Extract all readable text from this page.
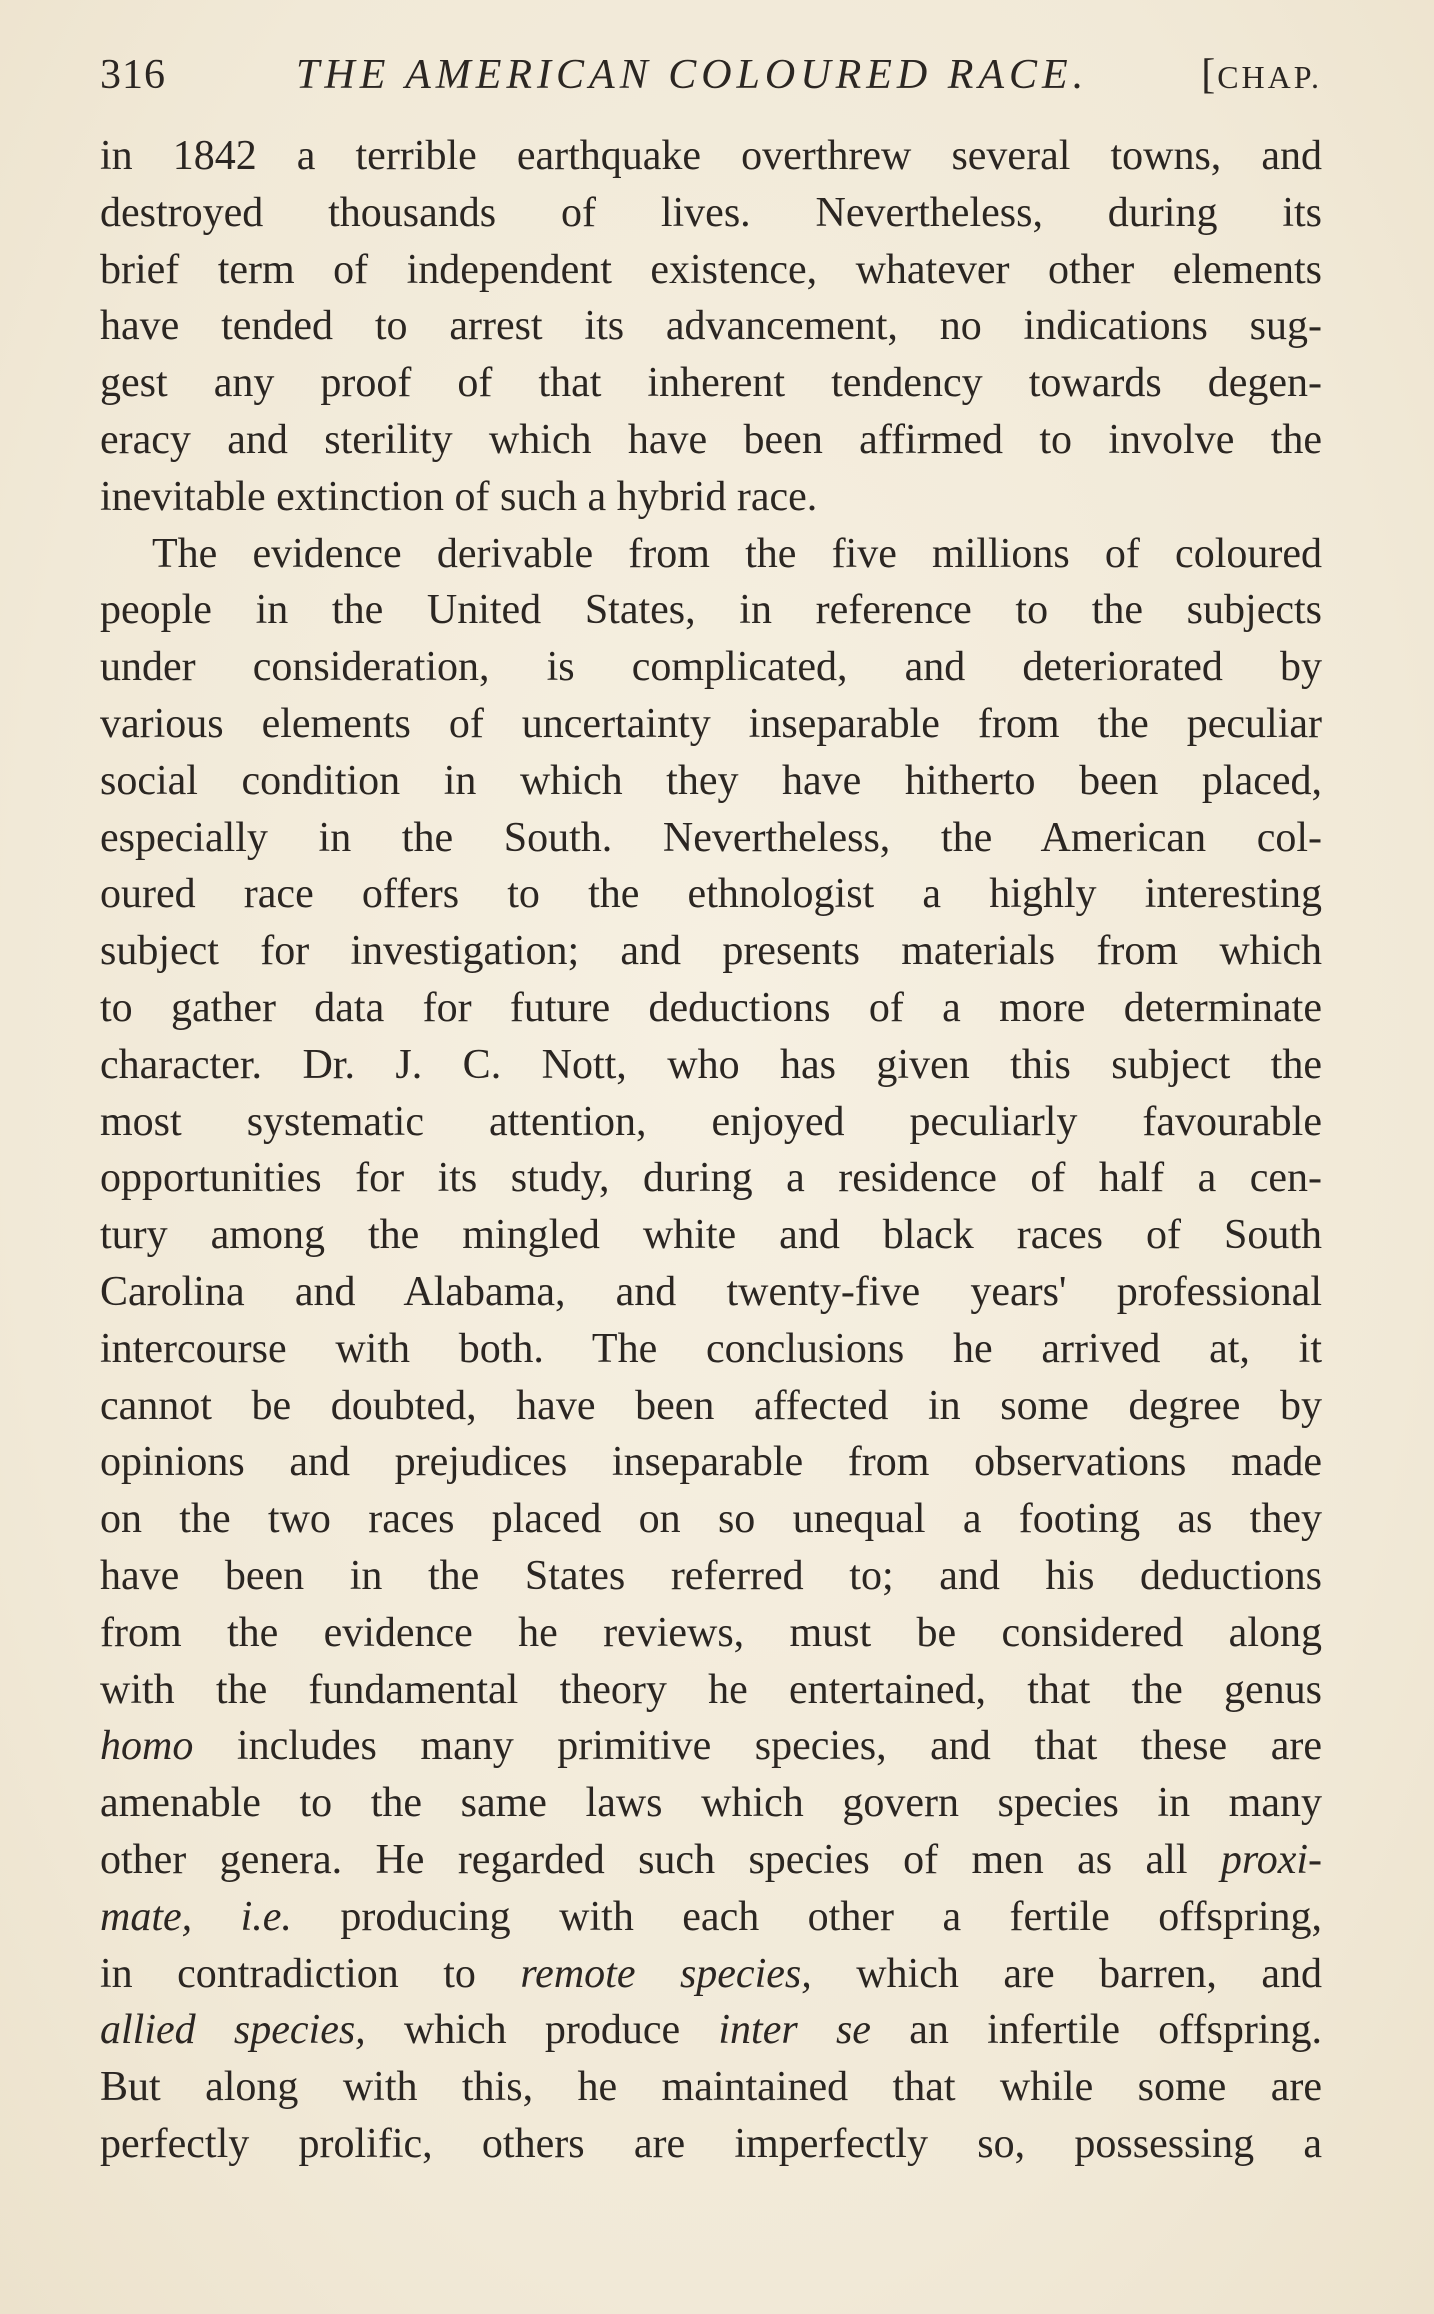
316	THE AMERICAN COLOURED RACE.	[CHAP.
in 1842 a terrible earthquake overthrew several towns, and
destroyed thousands of lives. Nevertheless, during its
brief term of independent existence, whatever other elements
have tended to arrest its advancement, no indications sug-
gest any proof of that inherent tendency towards degen-
eracy and sterility which have been affirmed to involve the
inevitable extinction of such a hybrid race.
The evidence derivable from the five millions of coloured
people in the United States, in reference to the subjects
under consideration, is complicated, and deteriorated by
various elements of uncertainty inseparable from the peculiar
social condition in which they have hitherto been placed,
especially in the South. Nevertheless, the American col-
oured race offers to the ethnologist a highly interesting
subject for investigation; and presents materials from which
to gather data for future deductions of a more determinate
character. Dr. J. C. Nott, who has given this subject the
most systematic attention, enjoyed peculiarly favourable
opportunities for its study, during a residence of half a cen-
tury among the mingled white and black races of South
Carolina and Alabama, and twenty-five years' professional
intercourse with both. The conclusions he arrived at, it
cannot be doubted, have been affected in some degree by
opinions and prejudices inseparable from observations made
on the two races placed on so unequal a footing as they
have been in the States referred to; and his deductions
from the evidence he reviews, must be considered along
with the fundamental theory he entertained, that the genus
homo includes many primitive species, and that these are
amenable to the same laws which govern species in many
other genera. He regarded such species of men as all proxi-
mate, i.e. producing with each other a fertile offspring,
in contradiction to remote species, which are barren, and
allied species, which produce inter se an infertile offspring.
But along with this, he maintained that while some are
perfectly prolific, others are imperfectly so, possessing a
